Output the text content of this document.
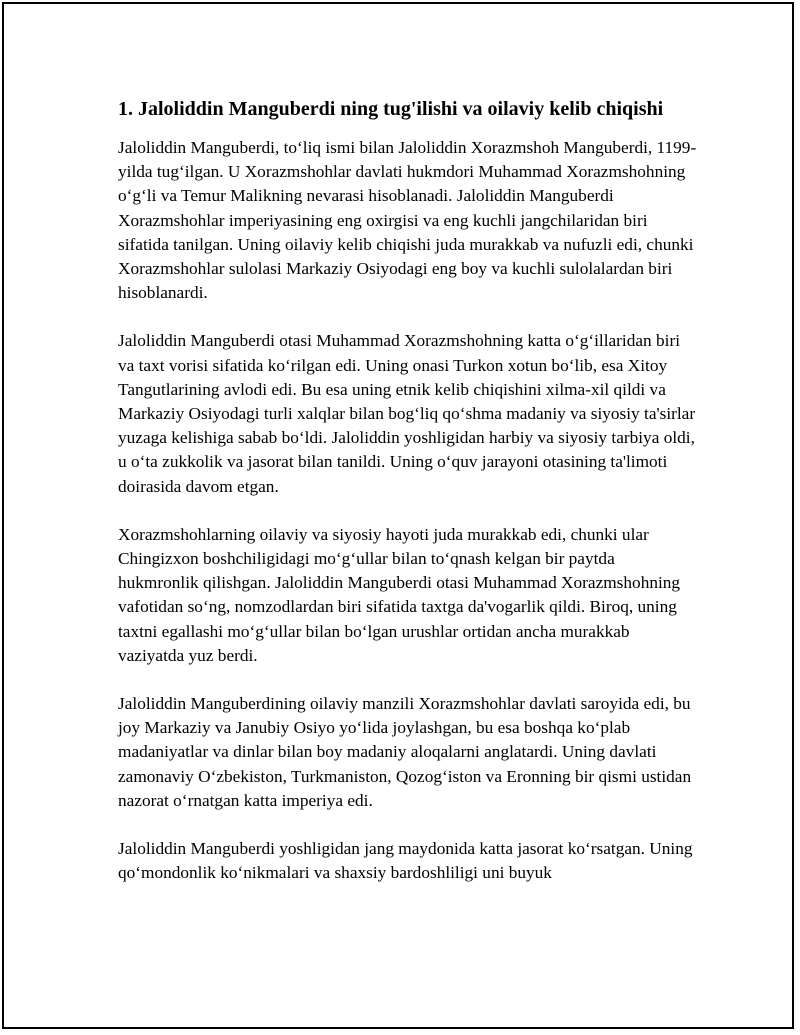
1. Jaloliddin Manguberdi ning tug'ilishi va oilaviy kelib chiqishi

Jaloliddin Manguberdi, to‘liq ismi bilan Jaloliddin Xorazmshoh Manguberdi, 1199-yilda tug‘ilgan. U Xorazmshohlar davlati hukmdori Muhammad Xorazmshohning o‘g‘li va Temur Malikning nevarasi hisoblanadi. Jaloliddin Manguberdi Xorazmshohlar imperiyasining eng oxirgisi va eng kuchli jangchilaridan biri sifatida tanilgan. Uning oilaviy kelib chiqishi juda murakkab va nufuzli edi, chunki Xorazmshohlar sulolasi Markaziy Osiyodagi eng boy va kuchli sulolalardan biri hisoblanardi.

Jaloliddin Manguberdi otasi Muhammad Xorazmshohning katta o‘g‘illaridan biri va taxt vorisi sifatida ko‘rilgan edi. Uning onasi Turkon xotun bo‘lib, esa Xitoy Tangutlarining avlodi edi. Bu esa uning etnik kelib chiqishini xilma-xil qildi va Markaziy Osiyodagi turli xalqlar bilan bog‘liq qo‘shma madaniy va siyosiy ta'sirlar yuzaga kelishiga sabab bo‘ldi. Jaloliddin yoshligidan harbiy va siyosiy tarbiya oldi, u o‘ta zukkolik va jasorat bilan tanildi. Uning o‘quv jarayoni otasining ta'limoti doirasida davom etgan.

Xorazmshohlarning oilaviy va siyosiy hayoti juda murakkab edi, chunki ular Chingizxon boshchiligidagi mo‘g‘ullar bilan to‘qnash kelgan bir paytda hukmronlik qilishgan. Jaloliddin Manguberdi otasi Muhammad Xorazmshohning vafotidan so‘ng, nomzodlardan biri sifatida taxtga da'vogarlik qildi. Biroq, uning taxtni egallashi mo‘g‘ullar bilan bo‘lgan urushlar ortidan ancha murakkab vaziyatda yuz berdi.

Jaloliddin Manguberdining oilaviy manzili Xorazmshohlar davlati saroyida edi, bu joy Markaziy va Janubiy Osiyo yo‘lida joylashgan, bu esa boshqa ko‘plab madaniyatlar va dinlar bilan boy madaniy aloqalarni anglatardi. Uning davlati zamonaviy O‘zbekiston, Turkmaniston, Qozog‘iston va Eronning bir qismi ustidan nazorat o‘rnatgan katta imperiya edi.

Jaloliddin Manguberdi yoshligidan jang maydonida katta jasorat ko‘rsatgan. Uning qo‘mondonlik ko‘nikmalari va shaxsiy bardoshliligi uni buyuk
